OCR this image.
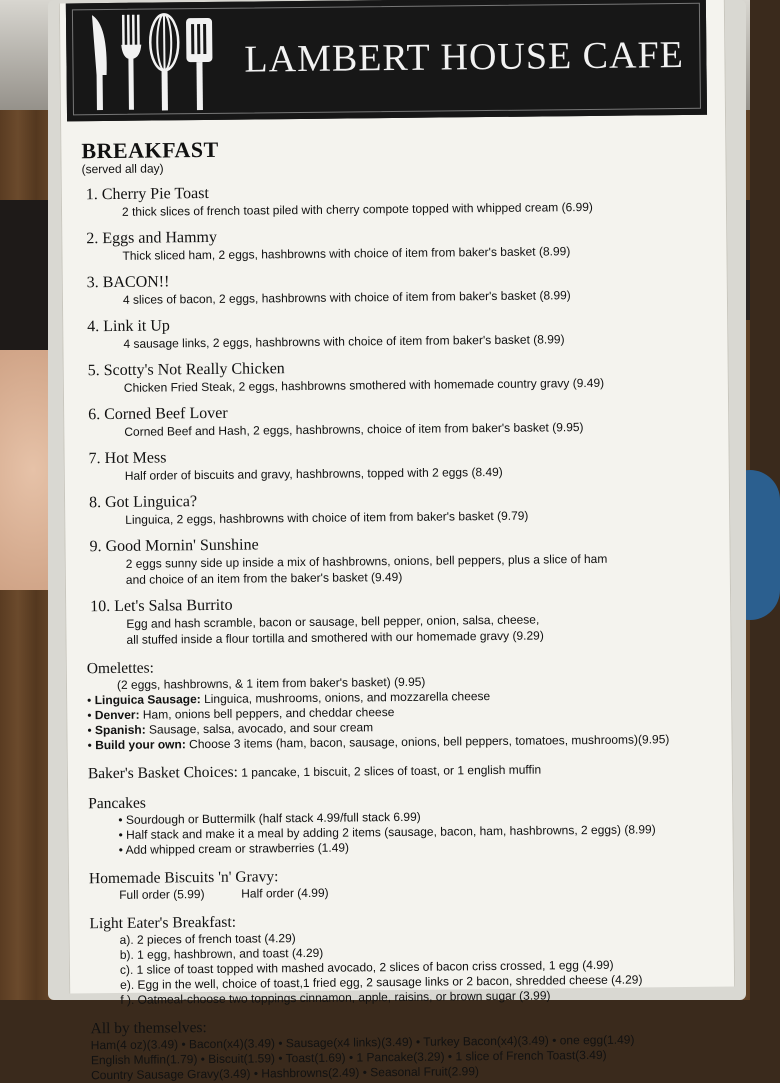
LAMBERT HOUSE CAFE
BREAKFAST
(served all day)
1. Cherry Pie Toast
2 thick slices of french toast piled with cherry compote topped with whipped cream (6.99)
2. Eggs and Hammy
Thick sliced ham, 2 eggs, hashbrowns with choice of item from baker's basket (8.99)
3. BACON!!
4 slices of bacon, 2 eggs, hashbrowns with choice of item from baker's basket (8.99)
4. Link it Up
4 sausage links, 2 eggs, hashbrowns with choice of item from baker's basket (8.99)
5. Scotty's Not Really Chicken
Chicken Fried Steak, 2 eggs, hashbrowns smothered with homemade country gravy (9.49)
6. Corned Beef Lover
Corned Beef and Hash, 2 eggs, hashbrowns, choice of item from baker's basket (9.95)
7. Hot Mess
Half order of biscuits and gravy, hashbrowns, topped with 2 eggs (8.49)
8. Got Linguica?
Linguica, 2 eggs, hashbrowns with choice of item from baker's basket (9.79)
9. Good Mornin' Sunshine
2 eggs sunny side up inside a mix of hashbrowns, onions, bell peppers, plus a slice of ham
and choice of an item from the baker's basket (9.49)
10. Let's Salsa Burrito
Egg and hash scramble, bacon or sausage, bell pepper, onion, salsa, cheese,
all stuffed inside a flour tortilla and smothered with our homemade gravy (9.29)
Omelettes:
(2 eggs, hashbrowns, & 1 item from baker's basket) (9.95)
• Linguica Sausage: Linguica, mushrooms, onions, and mozzarella cheese
• Denver: Ham, onions bell peppers, and cheddar cheese
• Spanish: Sausage, salsa, avocado, and sour cream
• Build your own: Choose 3 items (ham, bacon, sausage, onions, bell peppers, tomatoes, mushrooms)(9.95)
Baker's Basket Choices: 1 pancake, 1 biscuit, 2 slices of toast, or 1 english muffin
Pancakes
• Sourdough or Buttermilk (half stack 4.99/full stack 6.99)
• Half stack and make it a meal by adding 2 items (sausage, bacon, ham, hashbrowns, 2 eggs) (8.99)
• Add whipped cream or strawberries (1.49)
Homemade Biscuits 'n' Gravy:
Full order (5.99)	Half order (4.99)
Light Eater's Breakfast:
a). 2 pieces of french toast (4.29)
b). 1 egg, hashbrown, and toast (4.29)
c). 1 slice of toast topped with mashed avocado, 2 slices of bacon criss crossed, 1 egg (4.99)
e). Egg in the well, choice of toast,1 fried egg, 2 sausage links or 2 bacon, shredded cheese (4.29)
f ). Oatmeal-choose two toppings cinnamon, apple, raisins, or brown sugar (3.99)
All by themselves:
Ham(4 oz)(3.49) • Bacon(x4)(3.49) • Sausage(x4 links)(3.49) • Turkey Bacon(x4)(3.49) • one egg(1.49)
English Muffin(1.79) • Biscuit(1.59) • Toast(1.69) • 1 Pancake(3.29) • 1 slice of French Toast(3.49)
Country Sausage Gravy(3.49) • Hashbrowns(2.49) • Seasonal Fruit(2.99)
